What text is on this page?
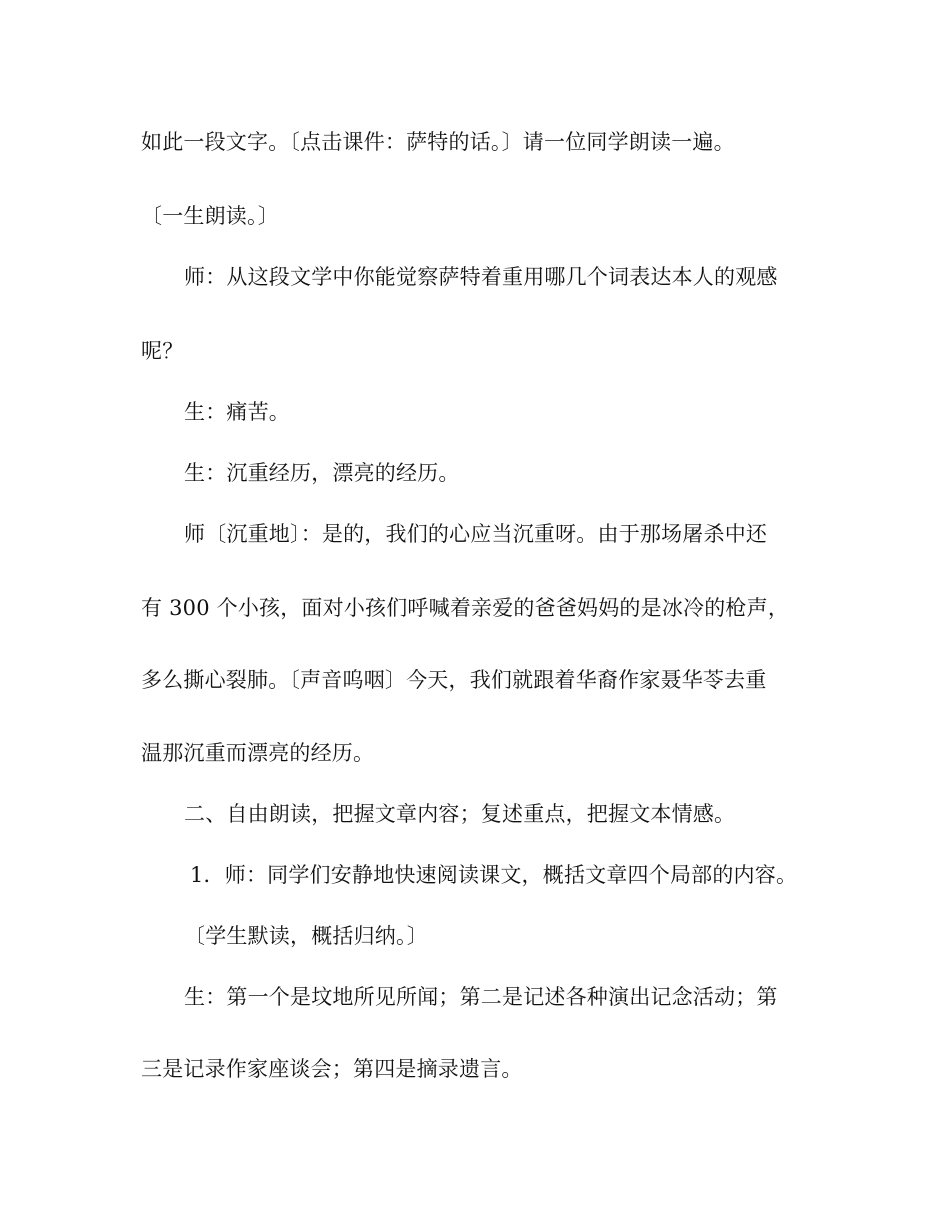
如此一段文字。〔点击课件：萨特的话。〕请一位同学朗读一遍。
〔一生朗读。〕
师：从这段文学中你能觉察萨特着重用哪几个词表达本人的观感
呢？
生：痛苦。
生：沉重经历，漂亮的经历。
师〔沉重地〕：是的，我们的心应当沉重呀。由于那场屠杀中还
有 300 个小孩，面对小孩们呼喊着亲爱的爸爸妈妈的是冰冷的枪声，
多么撕心裂肺。〔声音呜咽〕今天，我们就跟着华裔作家聂华苓去重
温那沉重而漂亮的经历。
二、自由朗读，把握文章内容；复述重点，把握文本情感。
1．师：同学们安静地快速阅读课文，概括文章四个局部的内容。
〔学生默读，概括归纳。〕
生：第一个是坟地所见所闻；第二是记述各种演出记念活动；第
三是记录作家座谈会；第四是摘录遗言。
